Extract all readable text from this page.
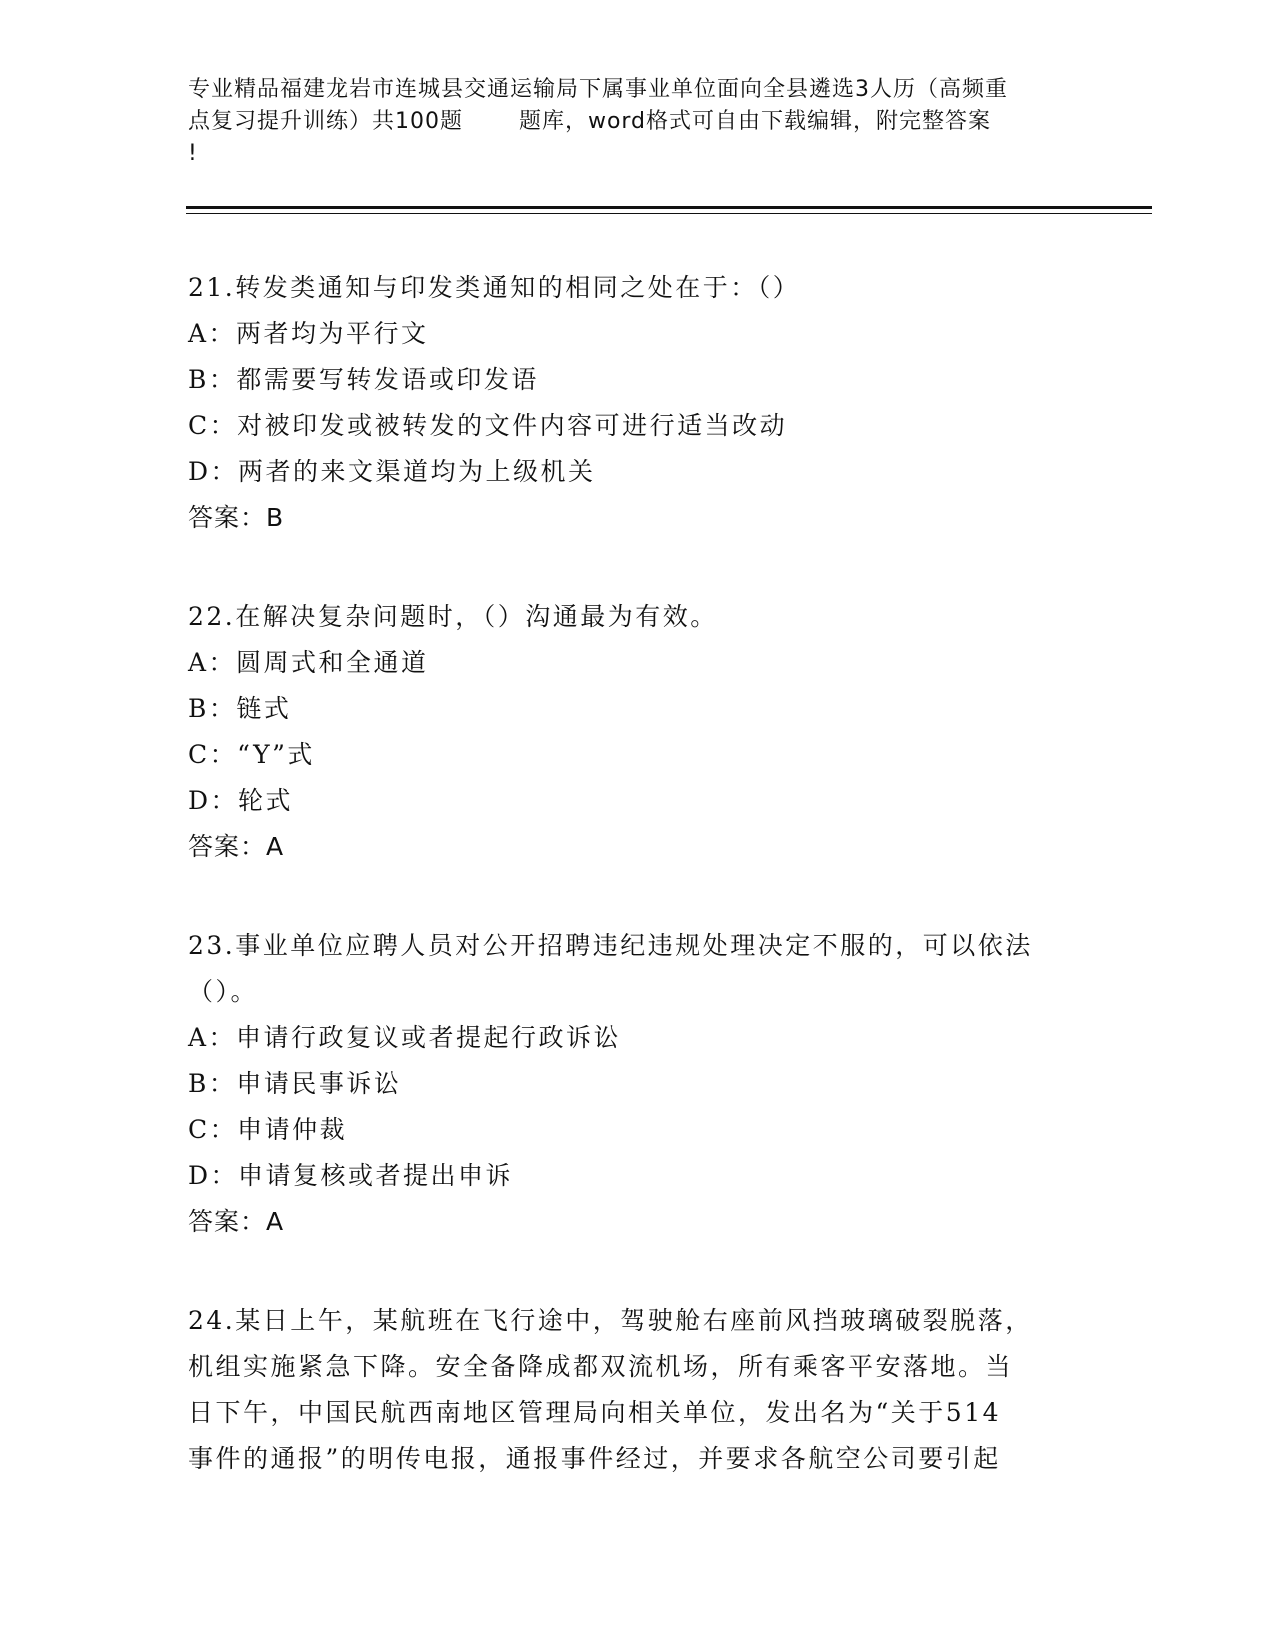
专业精品福建龙岩市连城县交通运输局下属事业单位面向全县遴选3人历（高频重
点复习提升训练）共100题       题库，word格式可自由下载编辑，附完整答案
!
21.转发类通知与印发类通知的相同之处在于：（）
A：两者均为平行文
B：都需要写转发语或印发语
C：对被印发或被转发的文件内容可进行适当改动
D：两者的来文渠道均为上级机关
答案：B
22.在解决复杂问题时，（）沟通最为有效。
A：圆周式和全通道
B：链式
C：“Y”式
D：轮式
答案：A
23.事业单位应聘人员对公开招聘违纪违规处理决定不服的，可以依法
（）。
A：申请行政复议或者提起行政诉讼
B：申请民事诉讼
C：申请仲裁
D：申请复核或者提出申诉
答案：A
24.某日上午，某航班在飞行途中，驾驶舱右座前风挡玻璃破裂脱落，
机组实施紧急下降。安全备降成都双流机场，所有乘客平安落地。当
日下午，中国民航西南地区管理局向相关单位，发出名为“关于514
事件的通报”的明传电报，通报事件经过，并要求各航空公司要引起
